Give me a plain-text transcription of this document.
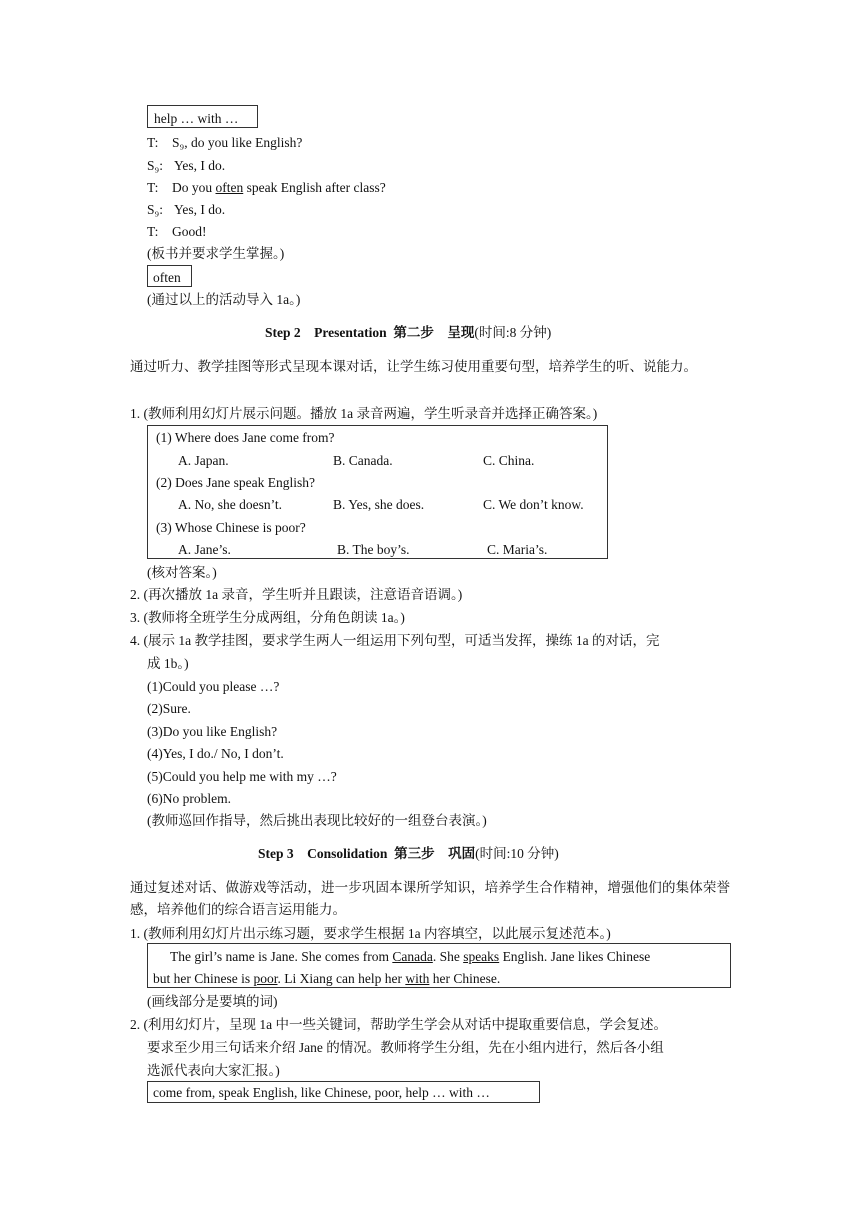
help … with …
T: S₉, do you like English?
S₉: Yes, I do.
T: Do you often speak English after class?
S₉: Yes, I do.
T: Good!
(板书并要求学生掌握。)
often
(通过以上的活动导入 1a。)
Step 2    Presentation  第二步    呈现(时间:8 分钟)
通过听力、教学挂图等形式呈现本课对话，让学生练习使用重要句型，培养学生的听、说能力。
1. (教师利用幻灯片展示问题。播放 1a 录音两遍，学生听录音并选择正确答案。)
(1) Where does Jane come from?
A. Japan.	B. Canada.	C. China.
(2) Does Jane speak English?
A. No, she doesn’t.	B. Yes, she does.	C. We don’t know.
(3) Whose Chinese is poor?
A. Jane’s.	B. The boy’s.	C. Maria’s.
(核对答案。)
2. (再次播放 1a 录音，学生听并且跟读，注意语音语调。)
3. (教师将全班学生分成两组，分角色朗读 1a。)
4. (展示 1a 教学挂图，要求学生两人一组运用下列句型，可适当发挥，操练 1a 的对话，完
成 1b。)
(1)Could you please …?
(2)Sure.
(3)Do you like English?
(4)Yes, I do./ No, I don’t.
(5)Could you help me with my …?
(6)No problem.
(教师巡回作指导，然后挑出表现比较好的一组登台表演。)
Step 3    Consolidation  第三步    巩固(时间:10 分钟)
通过复述对话、做游戏等活动，进一步巩固本课所学知识，培养学生合作精神，增强他们的集体荣誉感，培养他们的综合语言运用能力。
1. (教师利用幻灯片出示练习题，要求学生根据 1a 内容填空，以此展示复述范本。)
The girl’s name is Jane. She comes from Canada. She speaks English. Jane likes Chinese
but her Chinese is poor. Li Xiang can help her with her Chinese.
(画线部分是要填的词)
2. (利用幻灯片，呈现 1a 中一些关键词，帮助学生学会从对话中提取重要信息，学会复述。
要求至少用三句话来介绍 Jane 的情况。教师将学生分组，先在小组内进行，然后各小组
选派代表向大家汇报。)
come from, speak English, like Chinese, poor, help … with …
